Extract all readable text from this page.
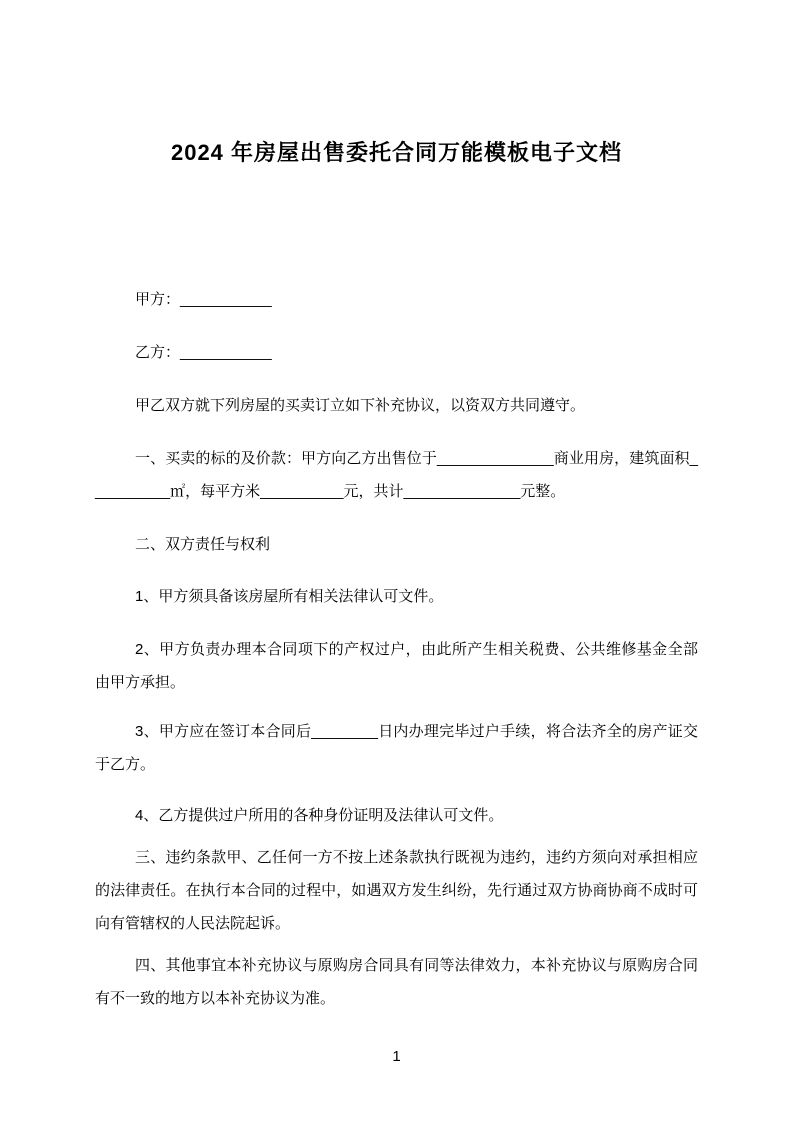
2024 年房屋出售委托合同万能模板电子文档

甲方：___________

乙方：___________

甲乙双方就下列房屋的买卖订立如下补充协议，以资双方共同遵守。

一、买卖的标的及价款：甲方向乙方出售位于______________商业用房，建筑面积__________㎡，每平方米__________元，共计______________元整。

二、双方责任与权利

1、甲方须具备该房屋所有相关法律认可文件。

2、甲方负责办理本合同项下的产权过户，由此所产生相关税费、公共维修基金全部由甲方承担。

3、甲方应在签订本合同后________日内办理完毕过户手续，将合法齐全的房产证交于乙方。

4、乙方提供过户所用的各种身份证明及法律认可文件。

三、违约条款甲、乙任何一方不按上述条款执行既视为违约，违约方须向对承担相应的法律责任。在执行本合同的过程中，如遇双方发生纠纷，先行通过双方协商协商不成时可向有管辖权的人民法院起诉。

四、其他事宜本补充协议与原购房合同具有同等法律效力，本补充协议与原购房合同有不一致的地方以本补充协议为准。

1
